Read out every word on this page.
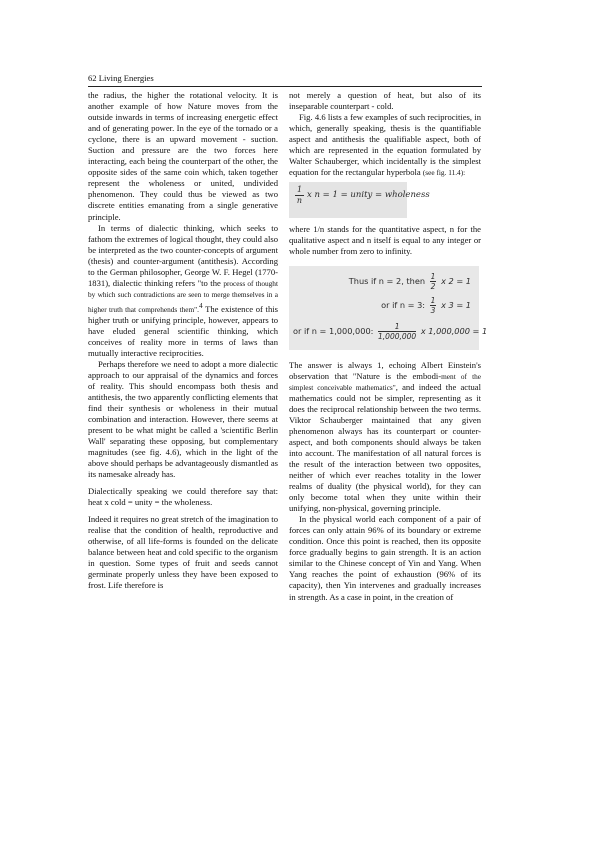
62 Living Energies

the radius, the higher the rotational velocity. It is another example of how Nature moves from the outside inwards in terms of increasing energetic effect and of generating power. In the eye of the tornado or a cyclone, there is an upward movement - suction. Suction and pressure are the two forces here interacting, each being the counterpart of the other, the opposite sides of the same coin which, taken together represent the wholeness or united, undivided phenomenon. They could thus be viewed as two discrete entities emanating from a single generative principle.

In terms of dialectic thinking, which seeks to fathom the extremes of logical thought, they could also be interpreted as the two counter-concepts of argument (thesis) and counter-argument (antithesis). According to the German philosopher, George W. F. Hegel (1770-1831), dialectic thinking refers "to the process of thought by which such contradictions are seen to merge themselves in a higher truth that comprehends them".$^4$ The existence of this higher truth or unifying principle, however, appears to have eluded general scientific thinking, which conceives of reality more in terms of laws than mutually interactive reciprocities.

Perhaps therefore we need to adopt a more dialectic approach to our appraisal of the dynamics and forces of reality. This should encompass both thesis and antithesis, the two apparently conflicting elements that find their synthesis or wholeness in their mutual combination and interaction. However, there seems at present to be what might be called a 'scientific Berlin Wall' separating these opposing, but complementary magnitudes (see fig. 4.6), which in the light of the above should perhaps be advantageously dismantled as its namesake already has.

Dialectically speaking we could therefore say that: heat x cold = unity = the wholeness.

Indeed it requires no great stretch of the imagination to realise that the condition of health, reproductive and otherwise, of all life-forms is founded on the delicate balance between heat and cold specific to the organism in question. Some types of fruit and seeds cannot germinate properly unless they have been exposed to frost. Life therefore is

not merely a question of heat, but also of its inseparable counterpart - cold.

Fig. 4.6 lists a few examples of such reciprocities, in which, generally speaking, thesis is the quantifiable aspect and antithesis the qualifiable aspect, both of which are represented in the equation formulated by Walter Schauberger, which incidentally is the simplest equation for the rectangular hyperbola (see fig. 11.4):

$\frac{1}{n}$ x n = 1 = unity = wholeness

where 1/n stands for the quantitative aspect, n for the qualitative aspect and n itself is equal to any integer or whole number from zero to infinity.

Thus if n = 2, then $\frac{1}{2}$ x 2 = 1
or if n = 3: $\frac{1}{3}$ x 3 = 1
or if n = 1,000,000: $\frac{1}{1,000,000}$ x 1,000,000 = 1

The answer is always 1, echoing Albert Einstein's observation that "Nature is the embodi-ment of the simplest conceivable mathematics", and indeed the actual mathematics could not be simpler, representing as it does the reciprocal relationship between the two terms. Viktor Schauberger maintained that any given phenomenon always has its counterpart or counter-aspect, and both components should always be taken into account. The manifestation of all natural forces is the result of the interaction between two opposites, neither of which ever reaches totality in the lower realms of duality (the physical world), for they can only become total when they unite within their unifying, non-physical, governing principle.

In the physical world each component of a pair of forces can only attain 96% of its boundary or extreme condition. Once this point is reached, then its opposite force gradually begins to gain strength. It is an action similar to the Chinese concept of Yin and Yang. When Yang reaches the point of exhaustion (96% of its capacity), then Yin intervenes and gradually increases in strength. As a case in point, in the creation of
